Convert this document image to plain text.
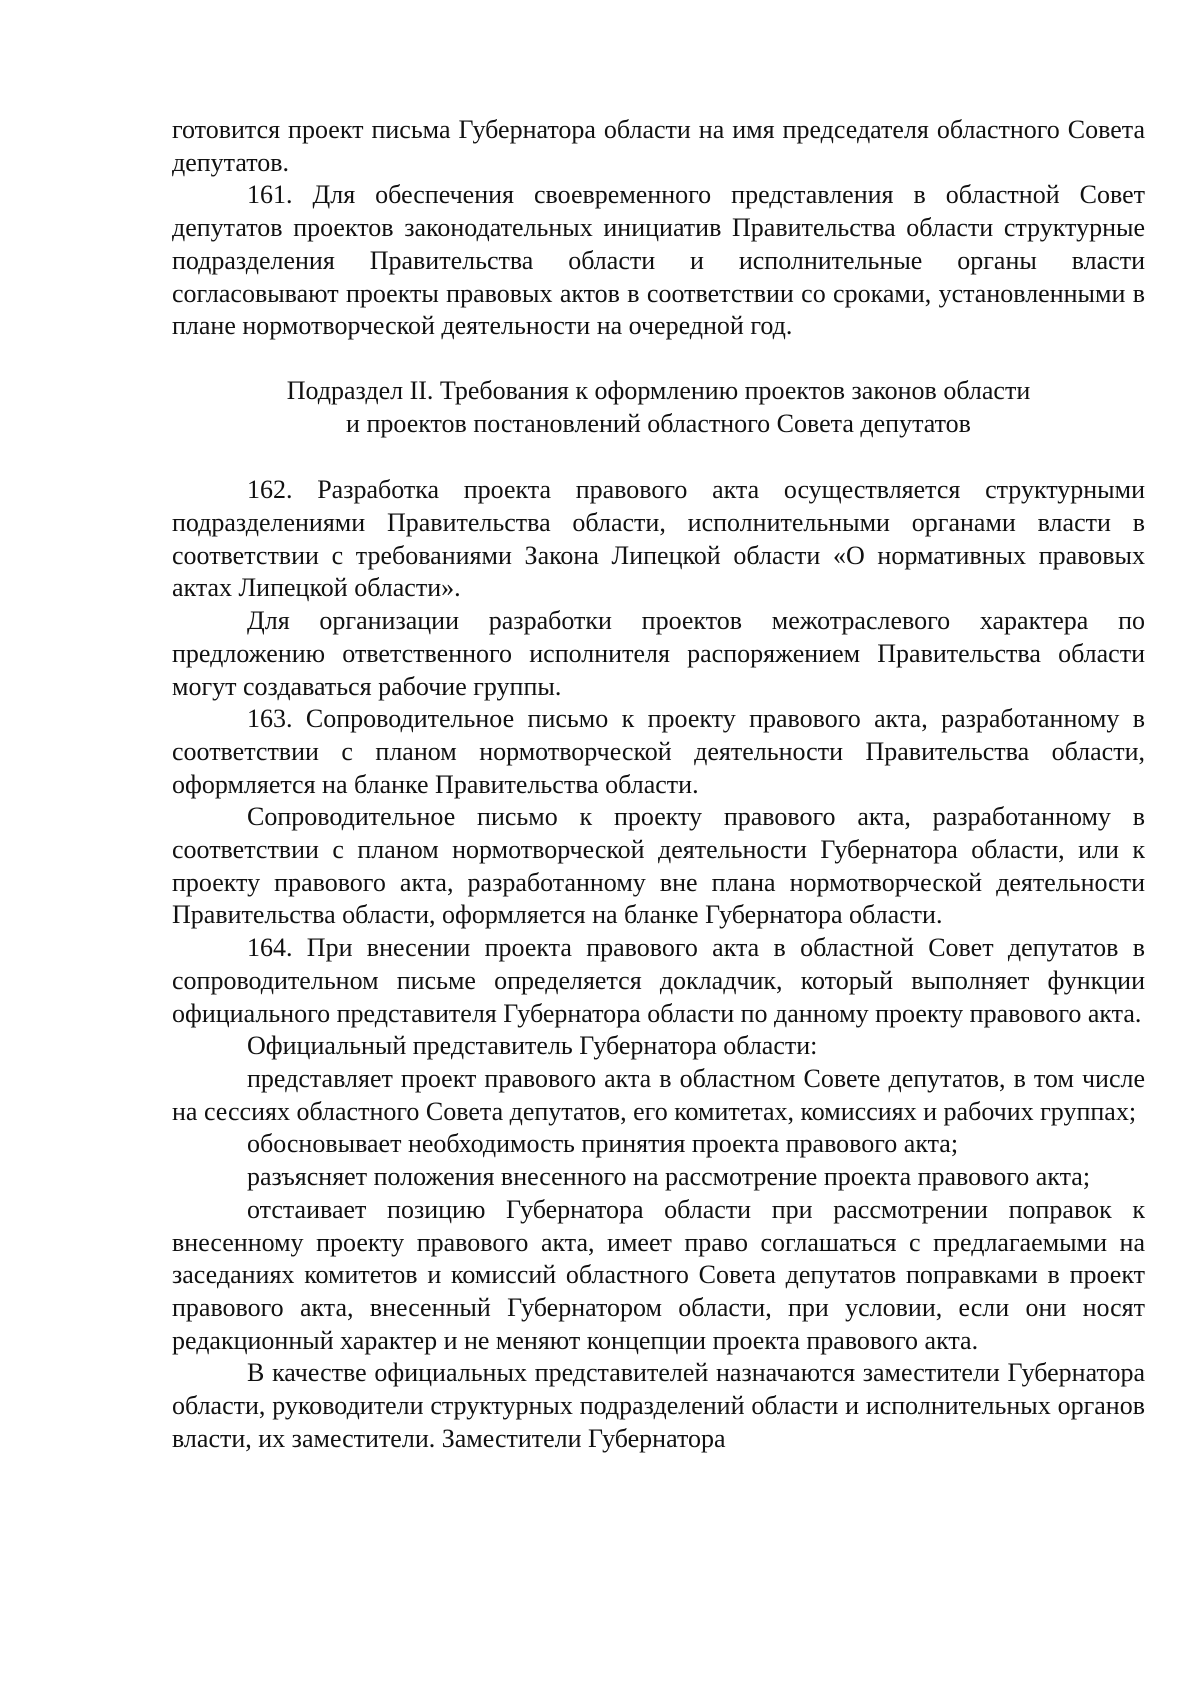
готовится проект письма Губернатора области на имя председателя областного Совета депутатов.

161. Для обеспечения своевременного представления в областной Совет депутатов проектов законодательных инициатив Правительства области структурные подразделения Правительства области и исполнительные органы власти согласовывают проекты правовых актов в соответствии со сроками, установленными в плане нормотворческой деятельности на очередной год.

Подраздел II. Требования к оформлению проектов законов области
и проектов постановлений областного Совета депутатов

162. Разработка проекта правового акта осуществляется структурными подразделениями Правительства области, исполнительными органами власти в соответствии с требованиями Закона Липецкой области «О нормативных правовых актах Липецкой области».

Для организации разработки проектов межотраслевого характера по предложению ответственного исполнителя распоряжением Правительства области могут создаваться рабочие группы.

163. Сопроводительное письмо к проекту правового акта, разработанному в соответствии с планом нормотворческой деятельности Правительства области, оформляется на бланке Правительства области.

Сопроводительное письмо к проекту правового акта, разработанному в соответствии с планом нормотворческой деятельности Губернатора области, или к проекту правового акта, разработанному вне плана нормотворческой деятельности Правительства области, оформляется на бланке Губернатора области.

164. При внесении проекта правового акта в областной Совет депутатов в сопроводительном письме определяется докладчик, который выполняет функции официального представителя Губернатора области по данному проекту правового акта.

Официальный представитель Губернатора области:

представляет проект правового акта в областном Совете депутатов, в том числе на сессиях областного Совета депутатов, его комитетах, комиссиях и рабочих группах;

обосновывает необходимость принятия проекта правового акта;

разъясняет положения внесенного на рассмотрение проекта правового акта;

отстаивает позицию Губернатора области при рассмотрении поправок к внесенному проекту правового акта, имеет право соглашаться с предлагаемыми на заседаниях комитетов и комиссий областного Совета депутатов поправками в проект правового акта, внесенный Губернатором области, при условии, если они носят редакционный характер и не меняют концепции проекта правового акта.

В качестве официальных представителей назначаются заместители Губернатора области, руководители структурных подразделений области и исполнительных органов власти, их заместители. Заместители Губернатора
